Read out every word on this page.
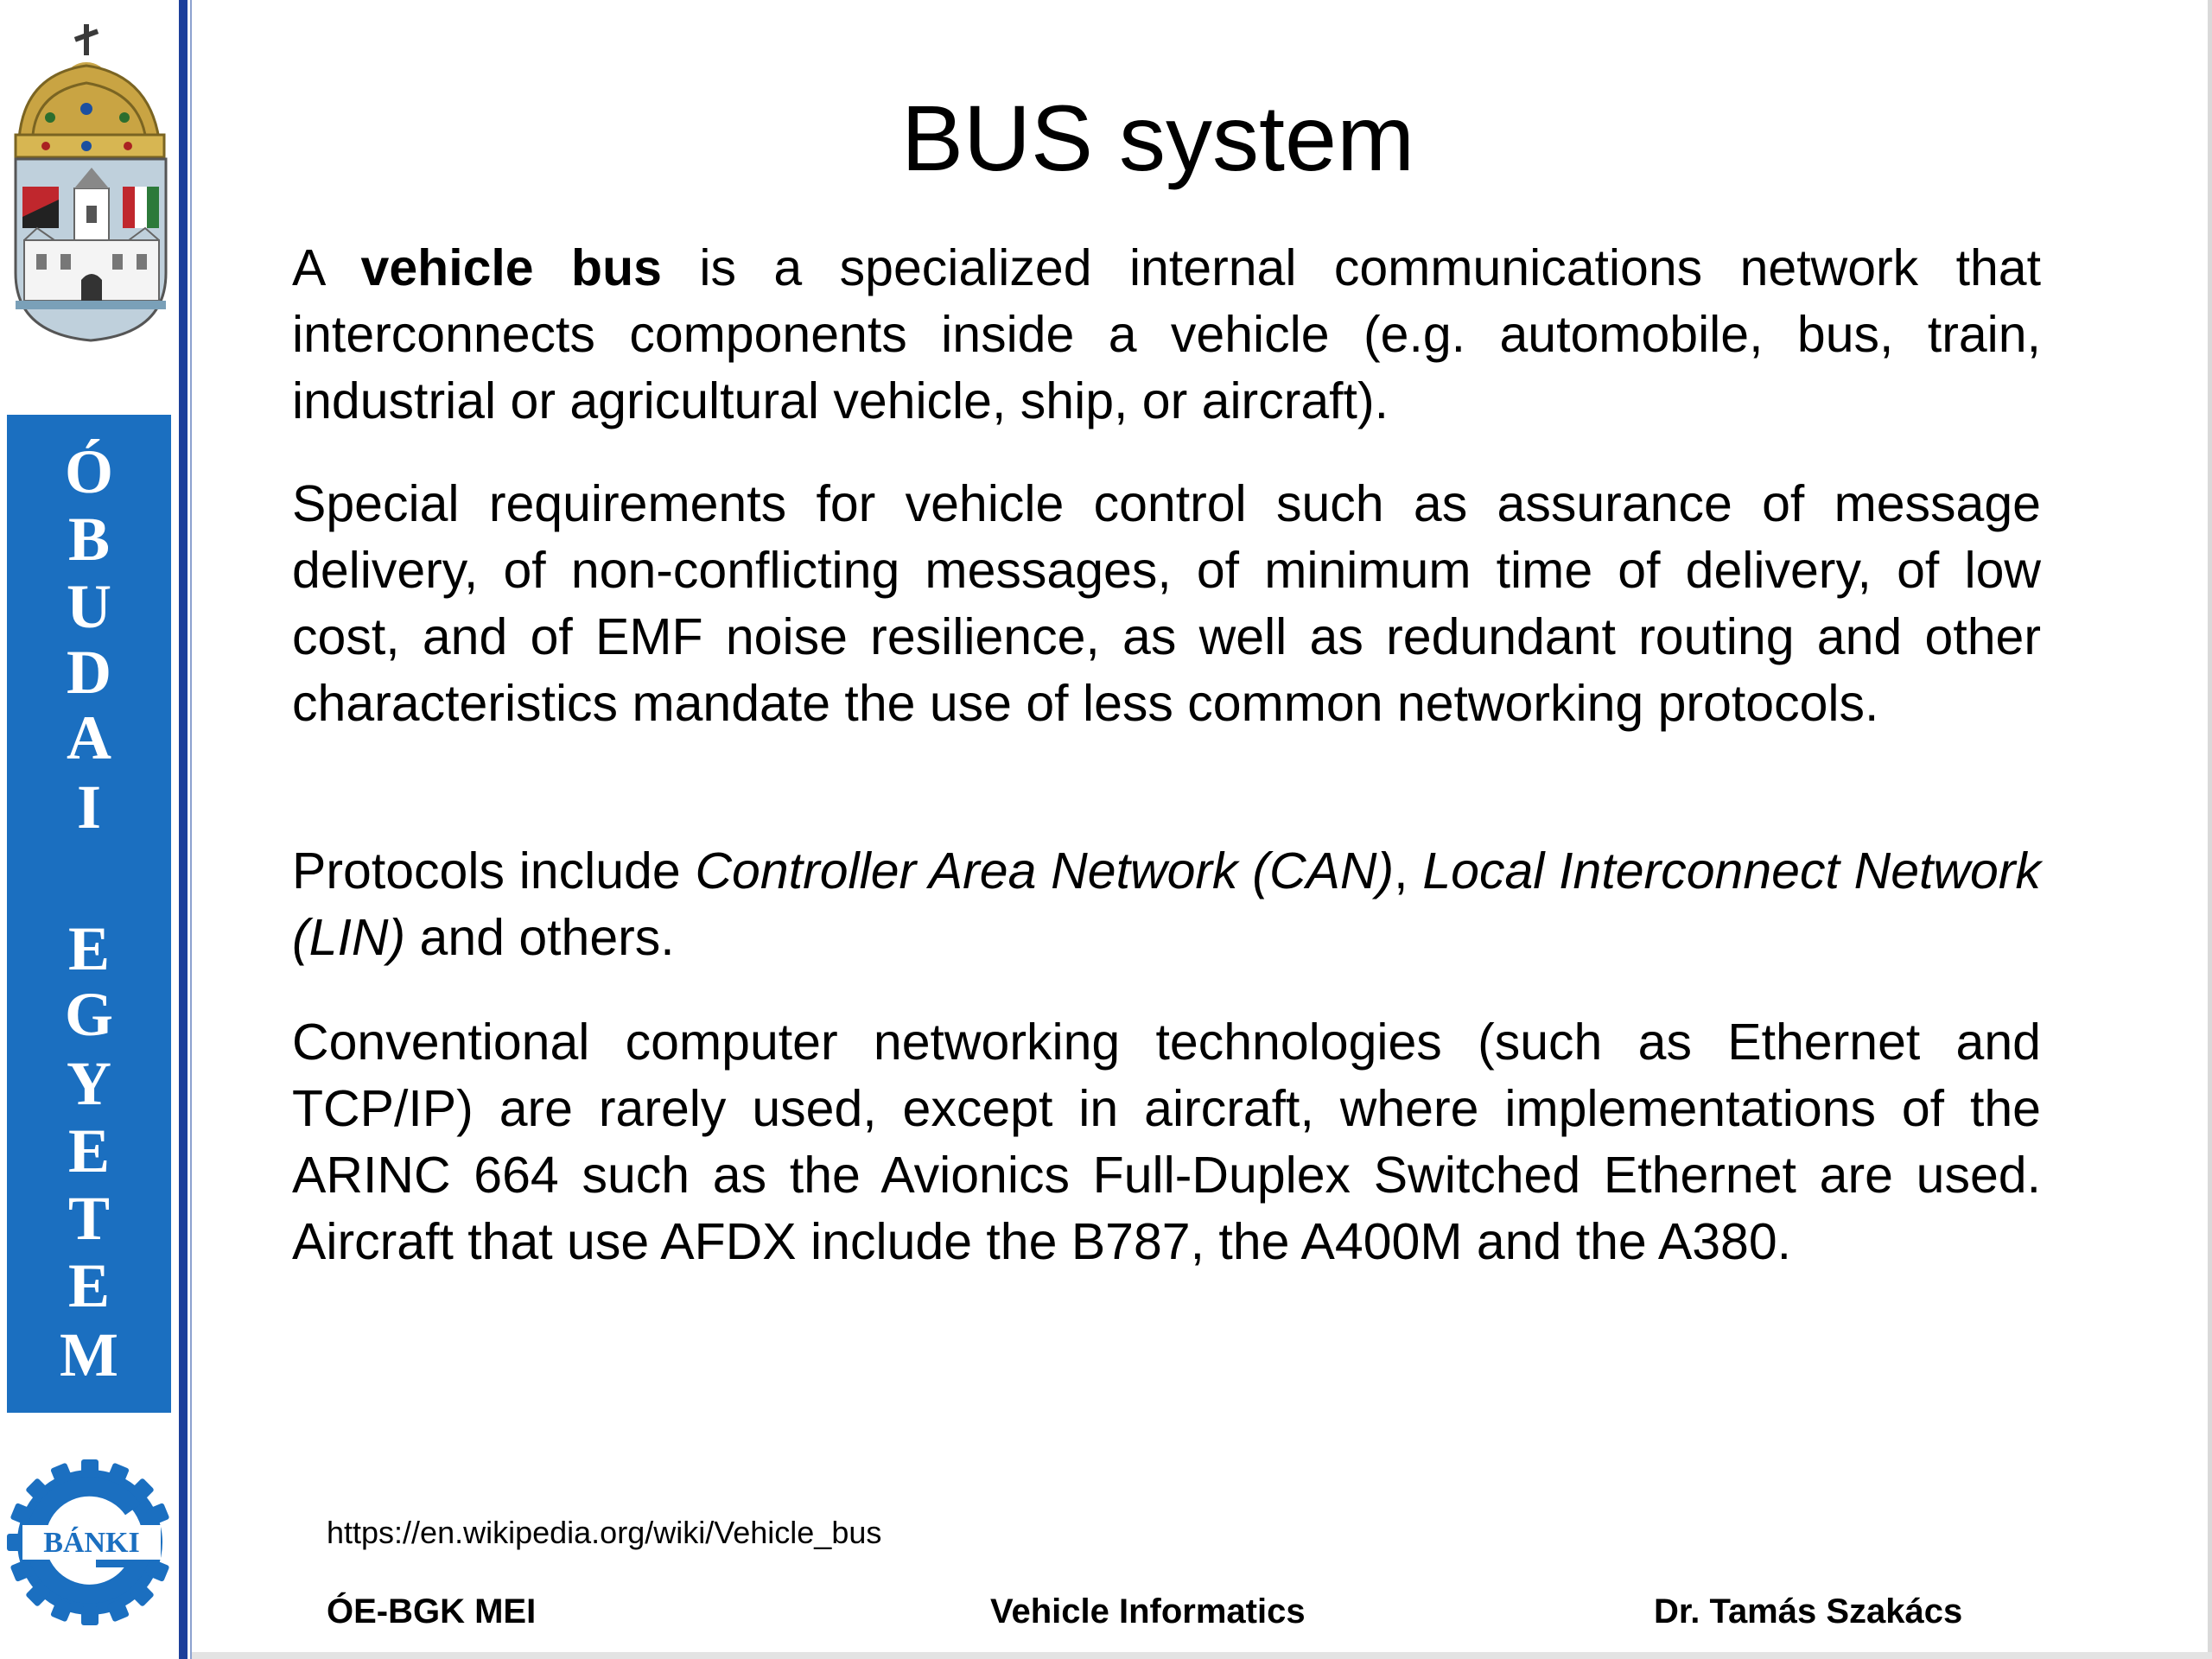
Ó
B
U
D
A
I
E
G
Y
E
T
E
M
BÁNKI
BUS system

A vehicle bus is a specialized internal communications network that interconnects components inside a vehicle (e.g. automobile, bus, train, industrial or agricultural vehicle, ship, or aircraft).

Special requirements for vehicle control such as assurance of message delivery, of non-conflicting messages, of minimum time of delivery, of low cost, and of EMF noise resilience, as well as redundant routing and other characteristics mandate the use of less common networking protocols.

Protocols include Controller Area Network (CAN), Local Interconnect Network (LIN) and others.

Conventional computer networking technologies (such as Ethernet and TCP/IP) are rarely used, except in aircraft, where implementations of the ARINC 664 such as the Avionics Full-Duplex Switched Ethernet are used. Aircraft that use AFDX include the B787, the A400M and the A380.

https://en.wikipedia.org/wiki/Vehicle_bus
ÓE-BGK MEI	Vehicle Informatics	Dr. Tamás Szakács
